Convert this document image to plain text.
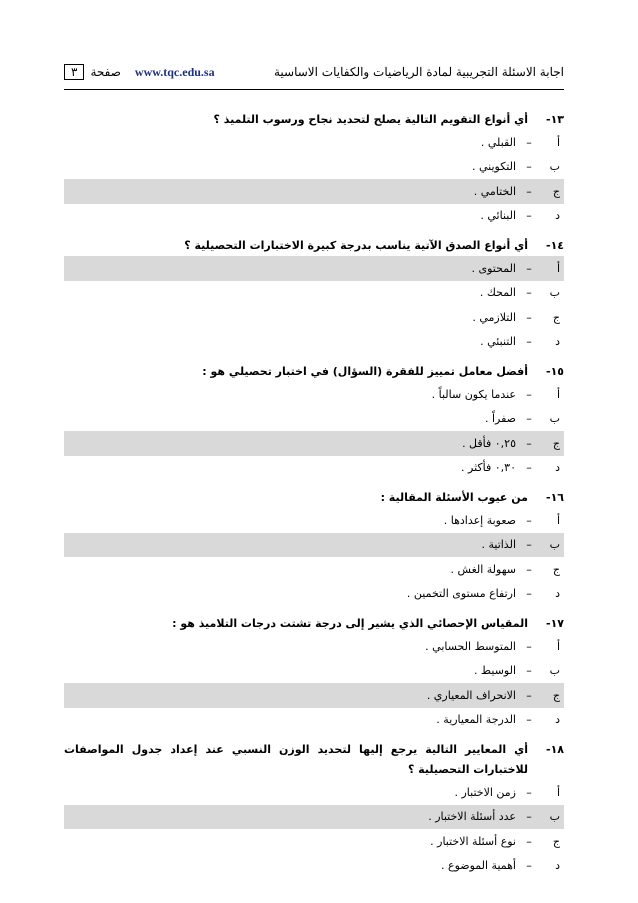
اجابة الاسئلة التجريبية لمادة الرياضيات والكفايات الاساسية
www.tqc.edu.sa
صفحة
٣
١٣-
أي أنواع التقويم التالية يصلح لتحديد نجاح ورسوب التلميذ ؟
أ
–
القبلي .
ب
–
التكويني .
ج
–
الختامي .
د
–
البنائي .
١٤-
أي أنواع الصدق الآتية يناسب بدرجة كبيرة الاختبارات التحصيلية ؟
أ
–
المحتوى .
ب
–
المحك .
ج
–
التلازمي .
د
–
التنبئي .
١٥-
أفضل معامل تمييز للفقرة (السؤال) في اختبار تحصيلي هو :
أ
–
عندما يكون سالباً .
ب
–
صفراً .
ج
–
٠,٢٥ فأقل .
د
–
٠,٣٠ فأكثر .
١٦-
من عيوب الأسئلة المقالية :
أ
–
صعوبة إعدادها .
ب
–
الذاتية .
ج
–
سهولة الغش .
د
–
ارتفاع مستوى التخمين .
١٧-
المقياس الإحصائي الذي يشير إلى درجة تشتت درجات التلاميذ هو :
أ
–
المتوسط الحسابي .
ب
–
الوسيط .
ج
–
الانحراف المعياري .
د
–
الدرجة المعيارية .
١٨-
أي المعايير التالية يرجع إليها لتحديد الوزن النسبي عند إعداد جدول المواصفات للاختبارات التحصيلية ؟
أ
–
زمن الاختبار .
ب
–
عدد أسئلة الاختبار .
ج
–
نوع أسئلة الاختبار .
د
–
أهمية الموضوع .
